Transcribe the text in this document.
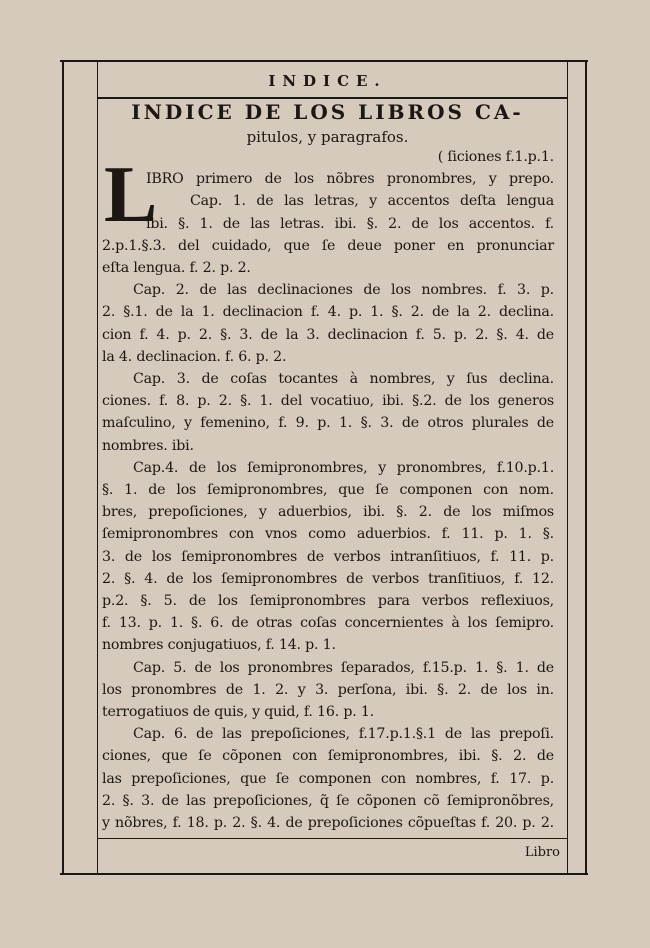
INDICE.
INDICE DE LOS LIBROS CA-
pitulos, y paragrafos.
L	( ſiciones f.1.p.1.
IBRO primero de los nõbres pronombres, y prepo.
Cap. 1. de las letras, y accentos deſta lengua
ibi. §. 1. de las letras. ibi. §. 2. de los accentos. f.
2.p.1.§.3. del cuidado, que ſe deue poner en pronunciar
eſta lengua. f. 2. p. 2.
Cap. 2. de las declinaciones de los nombres. f. 3. p.
2. §.1. de la 1. declinacion f. 4. p. 1. §. 2. de la 2. declina.
cion f. 4. p. 2. §. 3. de la 3. declinacion f. 5. p. 2. §. 4. de
la 4. declinacion. f. 6. p. 2.
Cap. 3. de coſas tocantes à nombres, y ſus declina.
ciones. f. 8. p. 2. §. 1. del vocatiuo, ibi. §.2. de los generos
maſculino, y femenino, f. 9. p. 1. §. 3. de otros plurales de
nombres. ibi.
Cap.4. de los ſemipronombres, y pronombres, f.10.p.1.
§. 1. de los ſemipronombres, que ſe componen con nom.
bres, prepoſiciones, y aduerbios, ibi. §. 2. de los miſmos
ſemipronombres con vnos como aduerbios. f. 11. p. 1. §.
3. de los ſemipronombres de verbos intranſitiuos, f. 11. p.
2. §. 4. de los ſemipronombres de verbos tranſitiuos, f. 12.
p.2. §. 5. de los ſemipronombres para verbos reflexiuos,
f. 13. p. 1. §. 6. de otras coſas concernientes à los ſemipro.
nombres conjugatiuos, f. 14. p. 1.
Cap. 5. de los pronombres ſeparados, f.15.p. 1. §. 1. de
los pronombres de 1. 2. y 3. perſona, ibi. §. 2. de los in.
terrogatiuos de quis, y quid, f. 16. p. 1.
Cap. 6. de las prepoſiciones, f.17.p.1.§.1 de las prepoſi.
ciones, que ſe cõponen con ſemipronombres, ibi. §. 2. de
las prepoſiciones, que ſe componen con nombres, f. 17. p.
2. §. 3. de las prepoſiciones, q̃ ſe cõponen cõ ſemipronõbres,
y nõbres, f. 18. p. 2. §. 4. de prepoſiciones cõpueſtas f. 20. p. 2.
Libro
